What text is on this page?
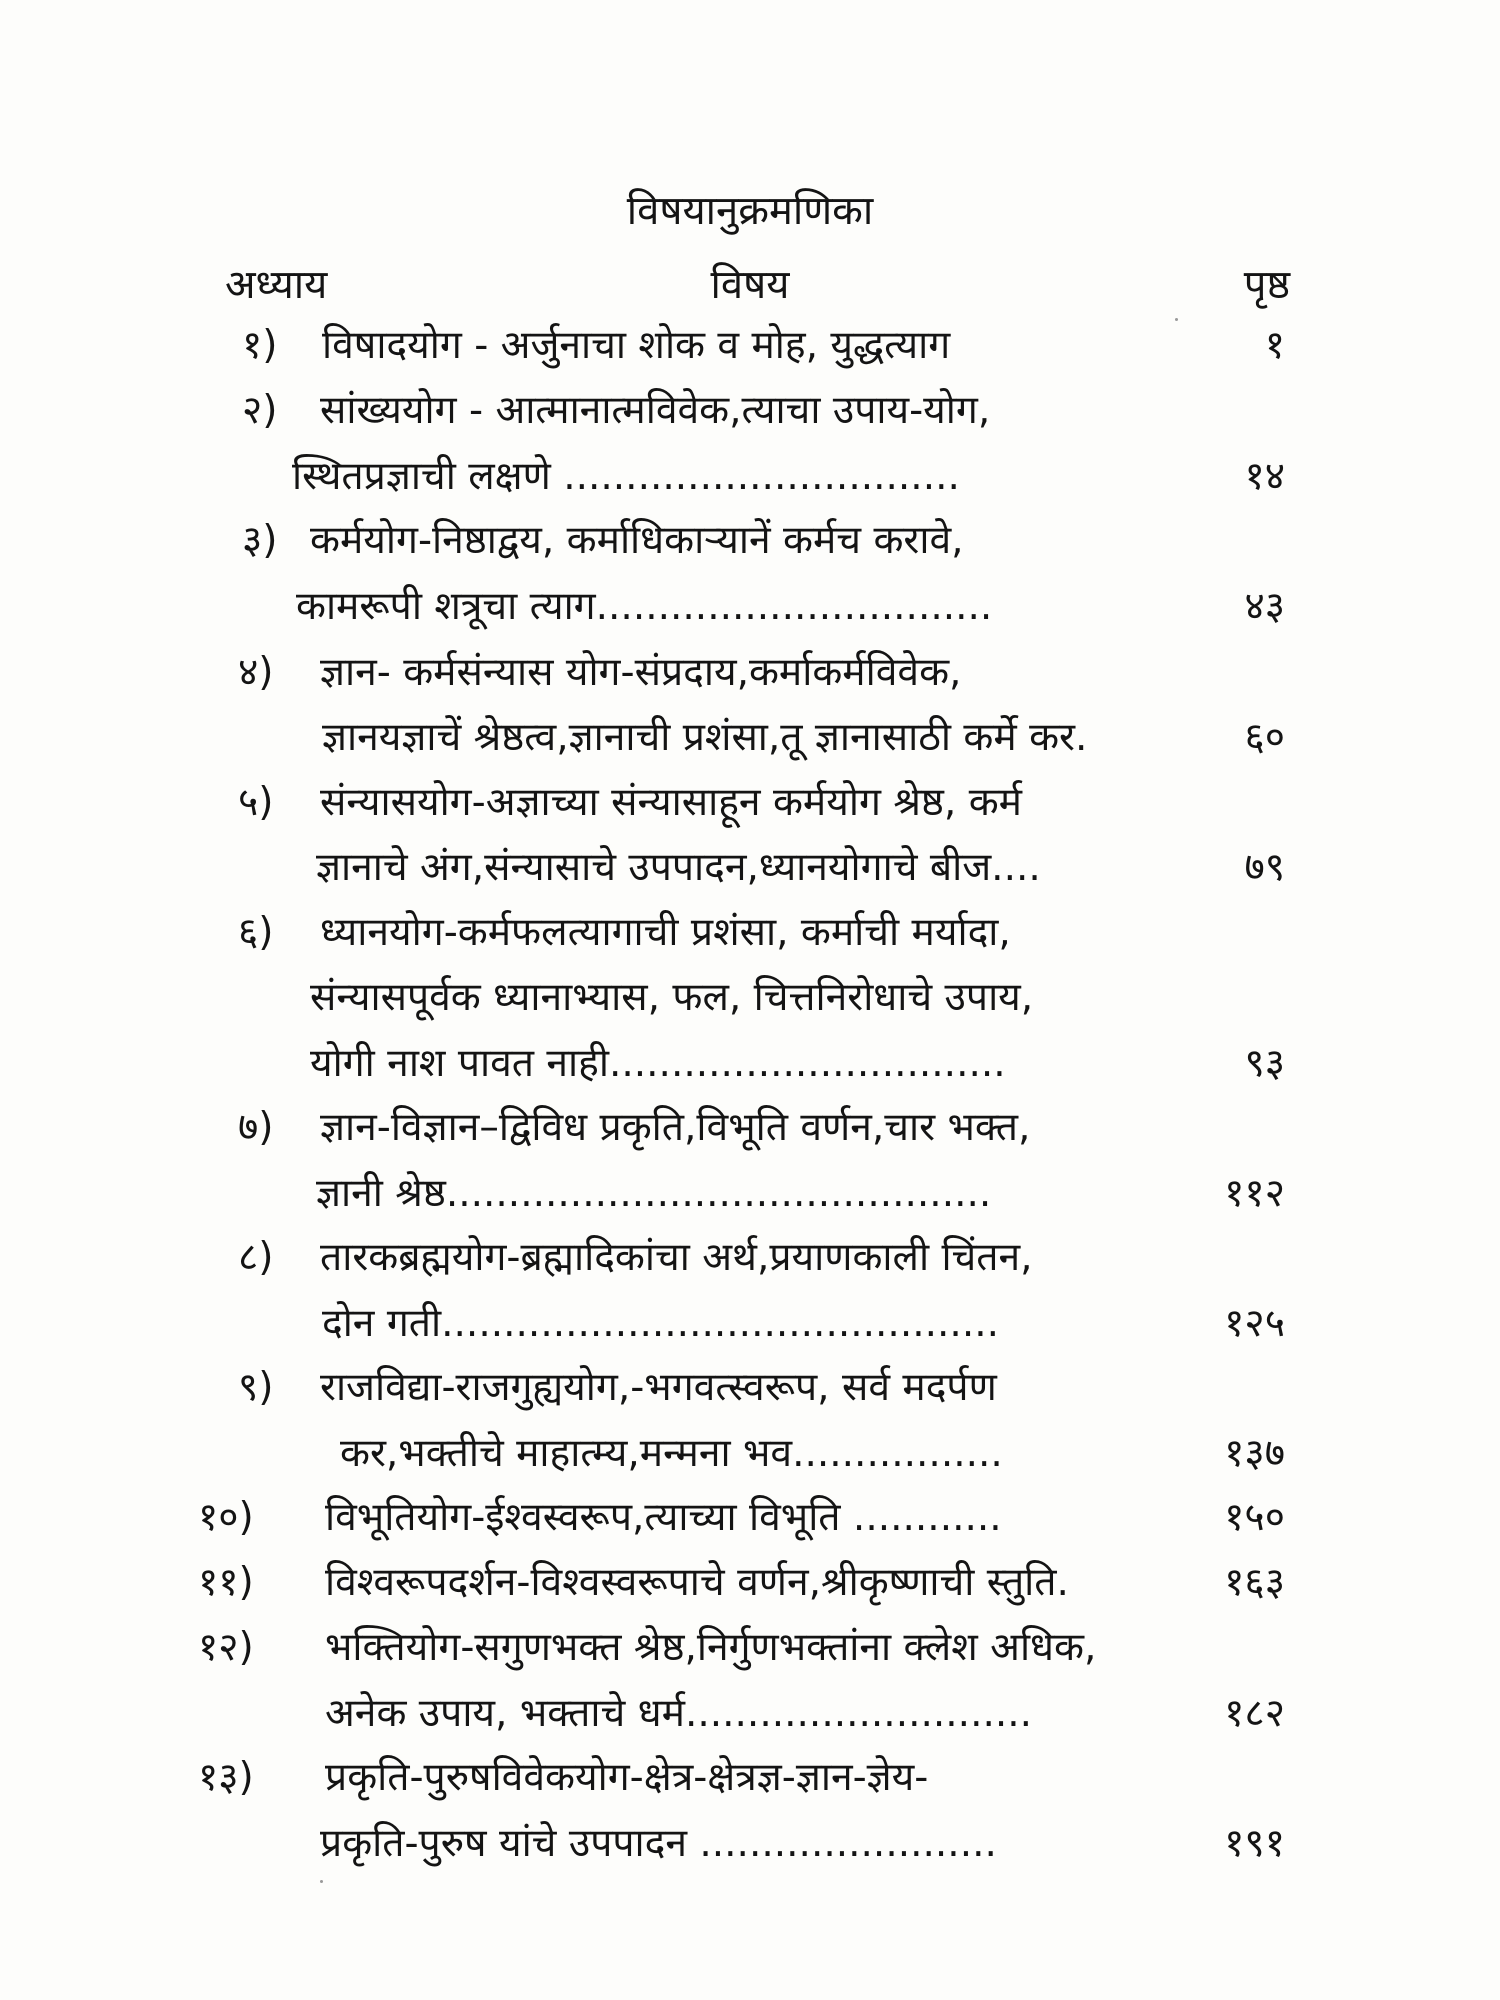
विषयानुक्रमणिका
अध्याय	विषय	पृष्ठ
१) विषादयोग - अर्जुनाचा शोक व मोह, युद्धत्याग	१
२) सांख्ययोग - आत्मानात्मविवेक,त्याचा उपाय-योग,
स्थितप्रज्ञाची लक्षणे ................................	१४
३) कर्मयोग-निष्ठाद्वय, कर्माधिकाऱ्यानें कर्मच करावे,
कामरूपी शत्रूचा त्याग................................	४३
४) ज्ञान- कर्मसंन्यास योग-संप्रदाय,कर्माकर्मविवेक,
ज्ञानयज्ञाचें श्रेष्ठत्व,ज्ञानाची प्रशंसा,तू ज्ञानासाठी कर्मे कर.	६०
५) संन्यासयोग-अज्ञाच्या संन्यासाहून कर्मयोग श्रेष्ठ, कर्म
ज्ञानाचे अंग,संन्यासाचे उपपादन,ध्यानयोगाचे बीज....	७९
६) ध्यानयोग-कर्मफलत्यागाची प्रशंसा, कर्माची मर्यादा,
संन्यासपूर्वक ध्यानाभ्यास, फल, चित्तनिरोधाचे उपाय,
योगी नाश पावत नाही................................	९३
७) ज्ञान-विज्ञान–द्विविध प्रकृति,विभूति वर्णन,चार भक्त,
ज्ञानी श्रेष्ठ............................................	११२
८) तारकब्रह्मयोग-ब्रह्मादिकांचा अर्थ,प्रयाणकाली चिंतन,
दोन गती.............................................	१२५
९) राजविद्या-राजगुह्ययोग,-भगवत्स्वरूप, सर्व मदर्पण
कर,भक्तीचे माहात्म्य,मन्मना भव.................	१३७
१०) विभूतियोग-ईश्वस्वरूप,त्याच्या विभूति ............	१५०
११) विश्वरूपदर्शन-विश्वस्वरूपाचे वर्णन,श्रीकृष्णाची स्तुति.	१६३
१२) भक्तियोग-सगुणभक्त श्रेष्ठ,निर्गुणभक्तांना क्लेश अधिक,
अनेक उपाय, भक्ताचे धर्म............................	१८२
१३) प्रकृति-पुरुषविवेकयोग-क्षेत्र-क्षेत्रज्ञ-ज्ञान-ज्ञेय-
प्रकृति-पुरुष यांचे उपपादन ........................	१९१
